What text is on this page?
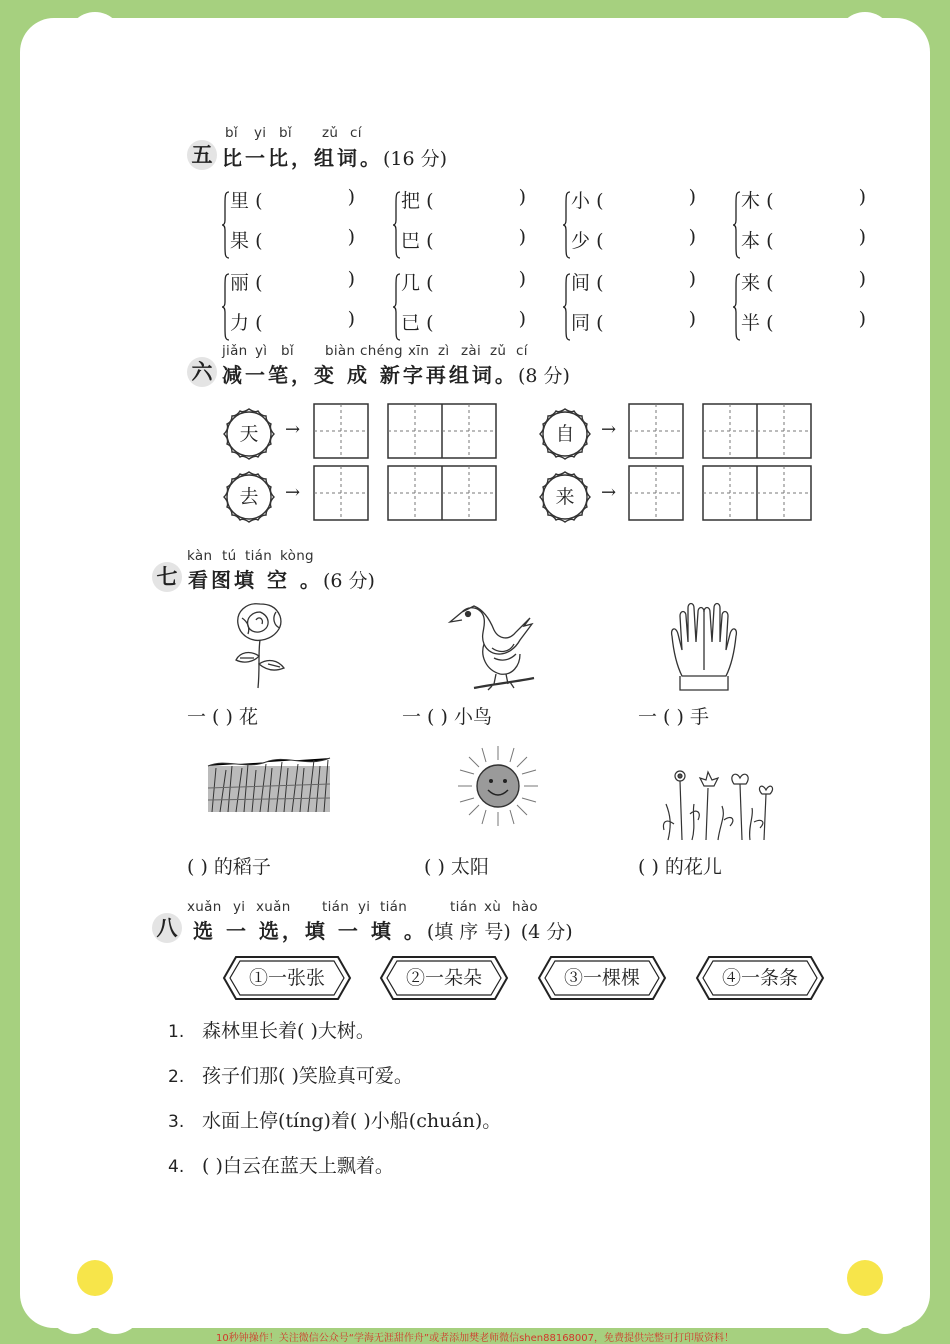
bǐ yi bǐ zǔ cí
五 比一比，组词。(16 分)
里 (	)
果 (	)
把 (	)
巴 (	)
小 (	)
少 (	)
木 (	)
本 (	)
丽 (	)
力 (	)
几 (	)
已 (	)
间 (	)
同 (	)
来 (	)
半 (	)
jiǎn yì bǐ biàn chéng xīn zì zài zǔ cí
六 减一笔，变 成 新字再组词。(8 分)
天	→	自	→
去	→	来	→
kàn tú tián kòng
七 看图填 空 。(6 分)
一 ( ) 花	一 ( ) 小鸟	一 ( ) 手
( ) 的稻子	( ) 太阳	( ) 的花儿
xuǎn yi xuǎn tián yi tián	tián xù hào
八 选 一 选，填 一 填 。(填 序 号) (4 分)
①一张张	②一朵朵	③一棵棵	④一条条
1. 森林里长着( )大树。
2. 孩子们那( )笑脸真可爱。
3. 水面上停(tíng)着( )小船(chuán)。
4. ( )白云在蓝天上飘着。
10秒钟操作！关注微信公众号“学海无涯甜作舟”或者添加樊老师微信shen88168007，免费提供完整可打印版资料！
